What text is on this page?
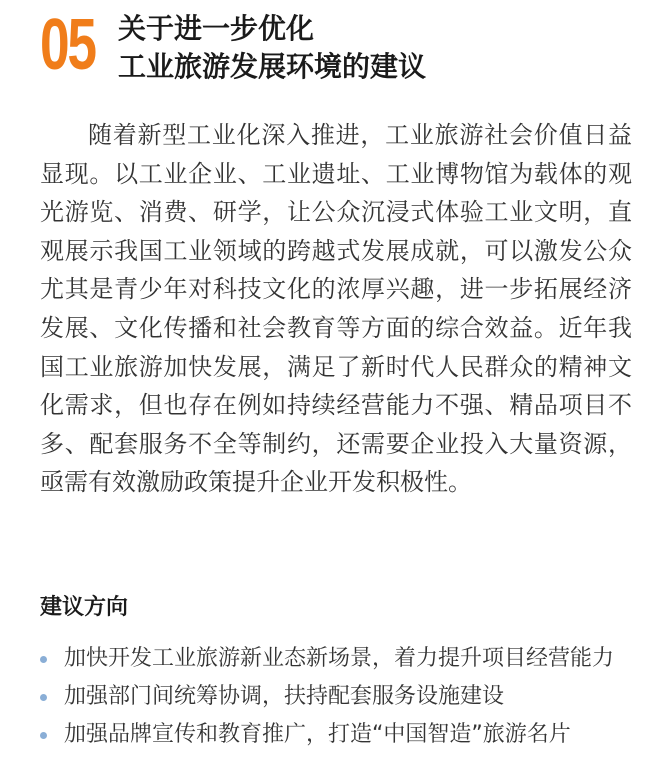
05 关于进一步优化
工业旅游发展环境的建议

随着新型工业化深入推进，工业旅游社会价值日益显现。以工业企业、工业遗址、工业博物馆为载体的观光游览、消费、研学，让公众沉浸式体验工业文明，直观展示我国工业领域的跨越式发展成就，可以激发公众尤其是青少年对科技文化的浓厚兴趣，进一步拓展经济发展、文化传播和社会教育等方面的综合效益。近年我国工业旅游加快发展，满足了新时代人民群众的精神文化需求，但也存在例如持续经营能力不强、精品项目不多、配套服务不全等制约，还需要企业投入大量资源，亟需有效激励政策提升企业开发积极性。

建议方向
加快开发工业旅游新业态新场景，着力提升项目经营能力
加强部门间统筹协调，扶持配套服务设施建设
加强品牌宣传和教育推广，打造“中国智造”旅游名片
